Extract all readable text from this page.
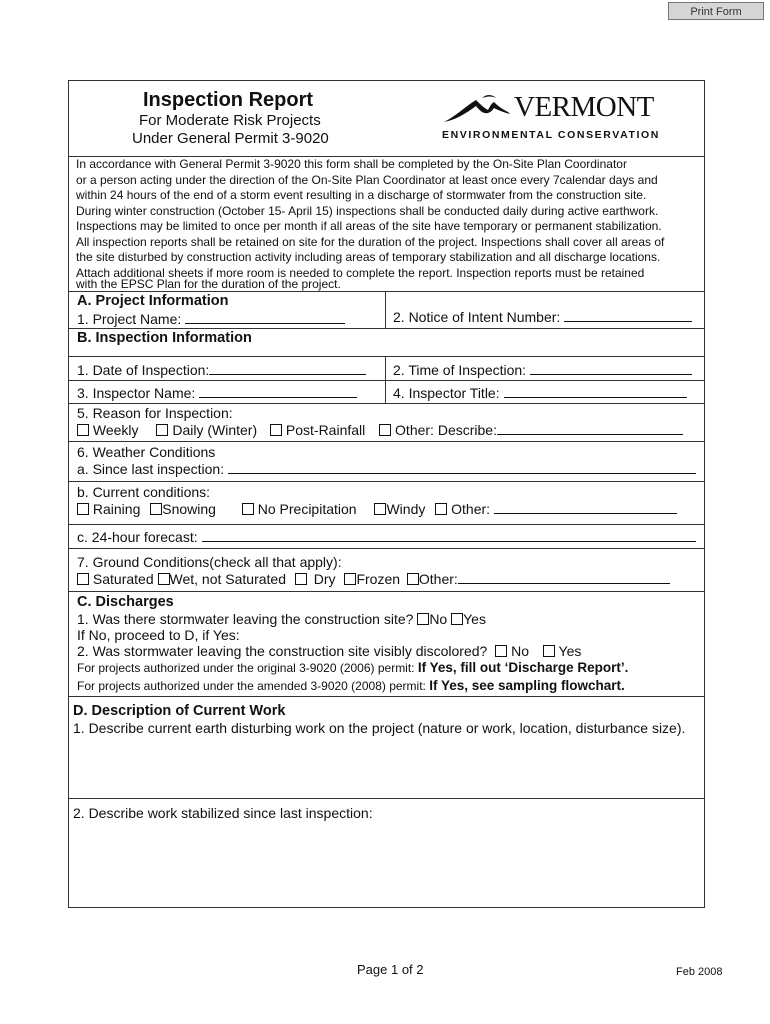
Print Form
Inspection Report
For Moderate Risk Projects
Under General Permit 3-9020
VERMONT
ENVIRONMENTAL CONSERVATION
In accordance with General Permit 3-9020 this form shall be completed by the On-Site Plan Coordinator
or a person acting under the direction of the On-Site Plan Coordinator at least once every 7calendar days and
within 24 hours of the end of a storm event resulting in a discharge of stormwater from the construction site.
During winter construction (October 15- April 15) inspections shall be conducted daily during active earthwork.
Inspections may be limited to once per month if all areas of the site have temporary or permanent stabilization.
All inspection reports shall be retained on site for the duration of the project. Inspections shall cover all areas of
the site disturbed by construction activity including areas of temporary stabilization and all discharge locations.
Attach additional sheets if more room is needed to complete the report. Inspection reports must be retained
with the EPSC Plan for the duration of the project.
A. Project Information
1. Project Name:	2. Notice of Intent Number:
B. Inspection Information
1. Date of Inspection:	2. Time of Inspection:
3. Inspector Name:	4. Inspector Title:
5. Reason for Inspection:
Weekly Daily (Winter) Post-Rainfall Other: Describe:
6. Weather Conditions
a. Since last inspection:
b. Current conditions:
Raining Snowing	No Precipitation Windy Other:
c. 24-hour forecast:
7. Ground Conditions(check all that apply):
Saturated Wet, not Saturated Dry Frozen Other:
C. Discharges
1. Was there stormwater leaving the construction site? No Yes
If No, proceed to D, if Yes:
2. Was stormwater leaving the construction site visibly discolored? No Yes
For projects authorized under the original 3-9020 (2006) permit: If Yes, fill out ‘Discharge Report’.
For projects authorized under the amended 3-9020 (2008) permit: If Yes, see sampling flowchart.
D. Description of Current Work
1. Describe current earth disturbing work on the project (nature or work, location, disturbance size).
2. Describe work stabilized since last inspection:
Page 1 of 2	Feb 2008
